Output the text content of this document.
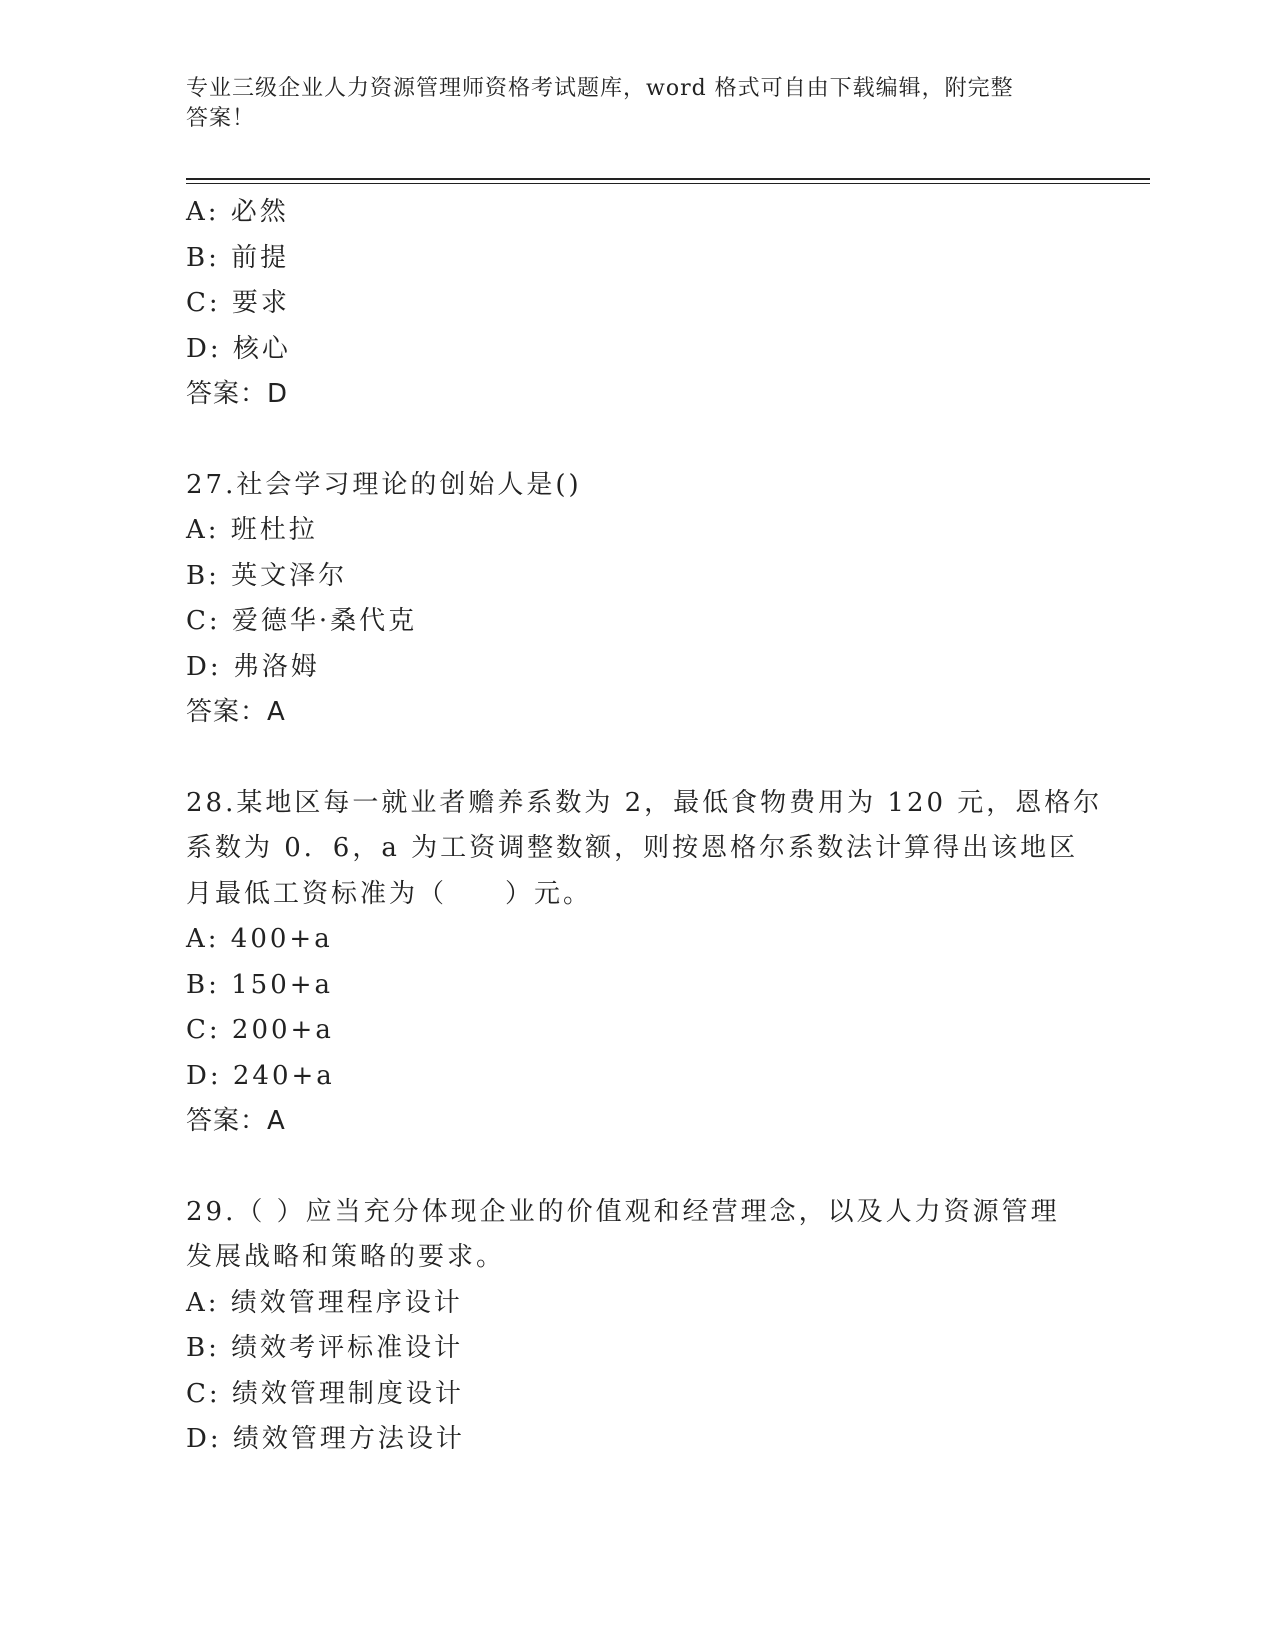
专业三级企业人力资源管理师资格考试题库，word 格式可自由下载编辑，附完整
答案！
A: 必然
B: 前提
C: 要求
D: 核心
答案：D
27.社会学习理论的创始人是()
A: 班杜拉
B: 英文泽尔
C: 爱德华·桑代克
D: 弗洛姆
答案：A
28.某地区每一就业者赡养系数为 2，最低食物费用为 120 元，恩格尔
系数为 0．6，a 为工资调整数额，则按恩格尔系数法计算得出该地区
月最低工资标准为（　　）元。
A: 400+a
B: 150+a
C: 200+a
D: 240+a
答案：A
29.（ ）应当充分体现企业的价值观和经营理念，以及人力资源管理
发展战略和策略的要求。
A: 绩效管理程序设计
B: 绩效考评标准设计
C: 绩效管理制度设计
D: 绩效管理方法设计
